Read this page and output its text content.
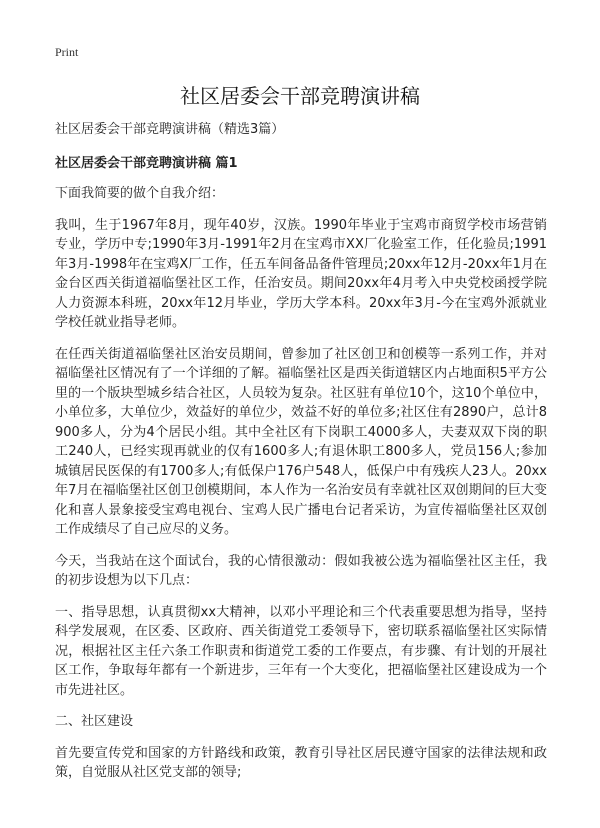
Print
社区居委会干部竞聘演讲稿

社区居委会干部竞聘演讲稿（精选3篇）

社区居委会干部竞聘演讲稿 篇1

下面我简要的做个自我介绍：

我叫，生于1967年8月，现年40岁，汉族。1990年毕业于宝鸡市商贸学校市场营销专业，学历中专;1990年3月-1991年2月在宝鸡市XX厂化验室工作，任化验员;1991年3月-1998年在宝鸡X厂工作，任五车间备品备件管理员;20xx年12月-20xx年1月在金台区西关街道福临堡社区工作，任治安员。期间20xx年4月考入中央党校函授学院人力资源本科班，20xx年12月毕业，学历大学本科。20xx年3月-今在宝鸡外派就业学校任就业指导老师。

在任西关街道福临堡社区治安员期间，曾参加了社区创卫和创模等一系列工作，并对福临堡社区情况有了一个详细的了解。福临堡社区是西关街道辖区内占地面积5平方公里的一个版块型城乡结合社区，人员较为复杂。社区驻有单位10个，这10个单位中，小单位多，大单位少，效益好的单位少，效益不好的单位多;社区住有2890户，总计8900多人，分为4个居民小组。其中全社区有下岗职工4000多人，夫妻双双下岗的职工240人，已经实现再就业的仅有1600多人;有退休职工800多人，党员156人;参加城镇居民医保的有1700多人;有低保户176户548人，低保户中有残疾人23人。20xx年7月在福临堡社区创卫创模期间，本人作为一名治安员有幸就社区双创期间的巨大变化和喜人景象接受宝鸡电视台、宝鸡人民广播电台记者采访，为宣传福临堡社区双创工作成绩尽了自己应尽的义务。

今天，当我站在这个面试台，我的心情很激动：假如我被公选为福临堡社区主任，我的初步设想为以下几点：

一、指导思想，认真贯彻xx大精神，以邓小平理论和三个代表重要思想为指导，坚持科学发展观，在区委、区政府、西关街道党工委领导下，密切联系福临堡社区实际情况，根据社区主任六条工作职责和街道党工委的工作要点，有步骤、有计划的开展社区工作，争取每年都有一个新进步，三年有一个大变化，把福临堡社区建设成为一个市先进社区。

二、社区建设

首先要宣传党和国家的方针路线和政策，教育引导社区居民遵守国家的法律法规和政策，自觉服从社区党支部的领导;
